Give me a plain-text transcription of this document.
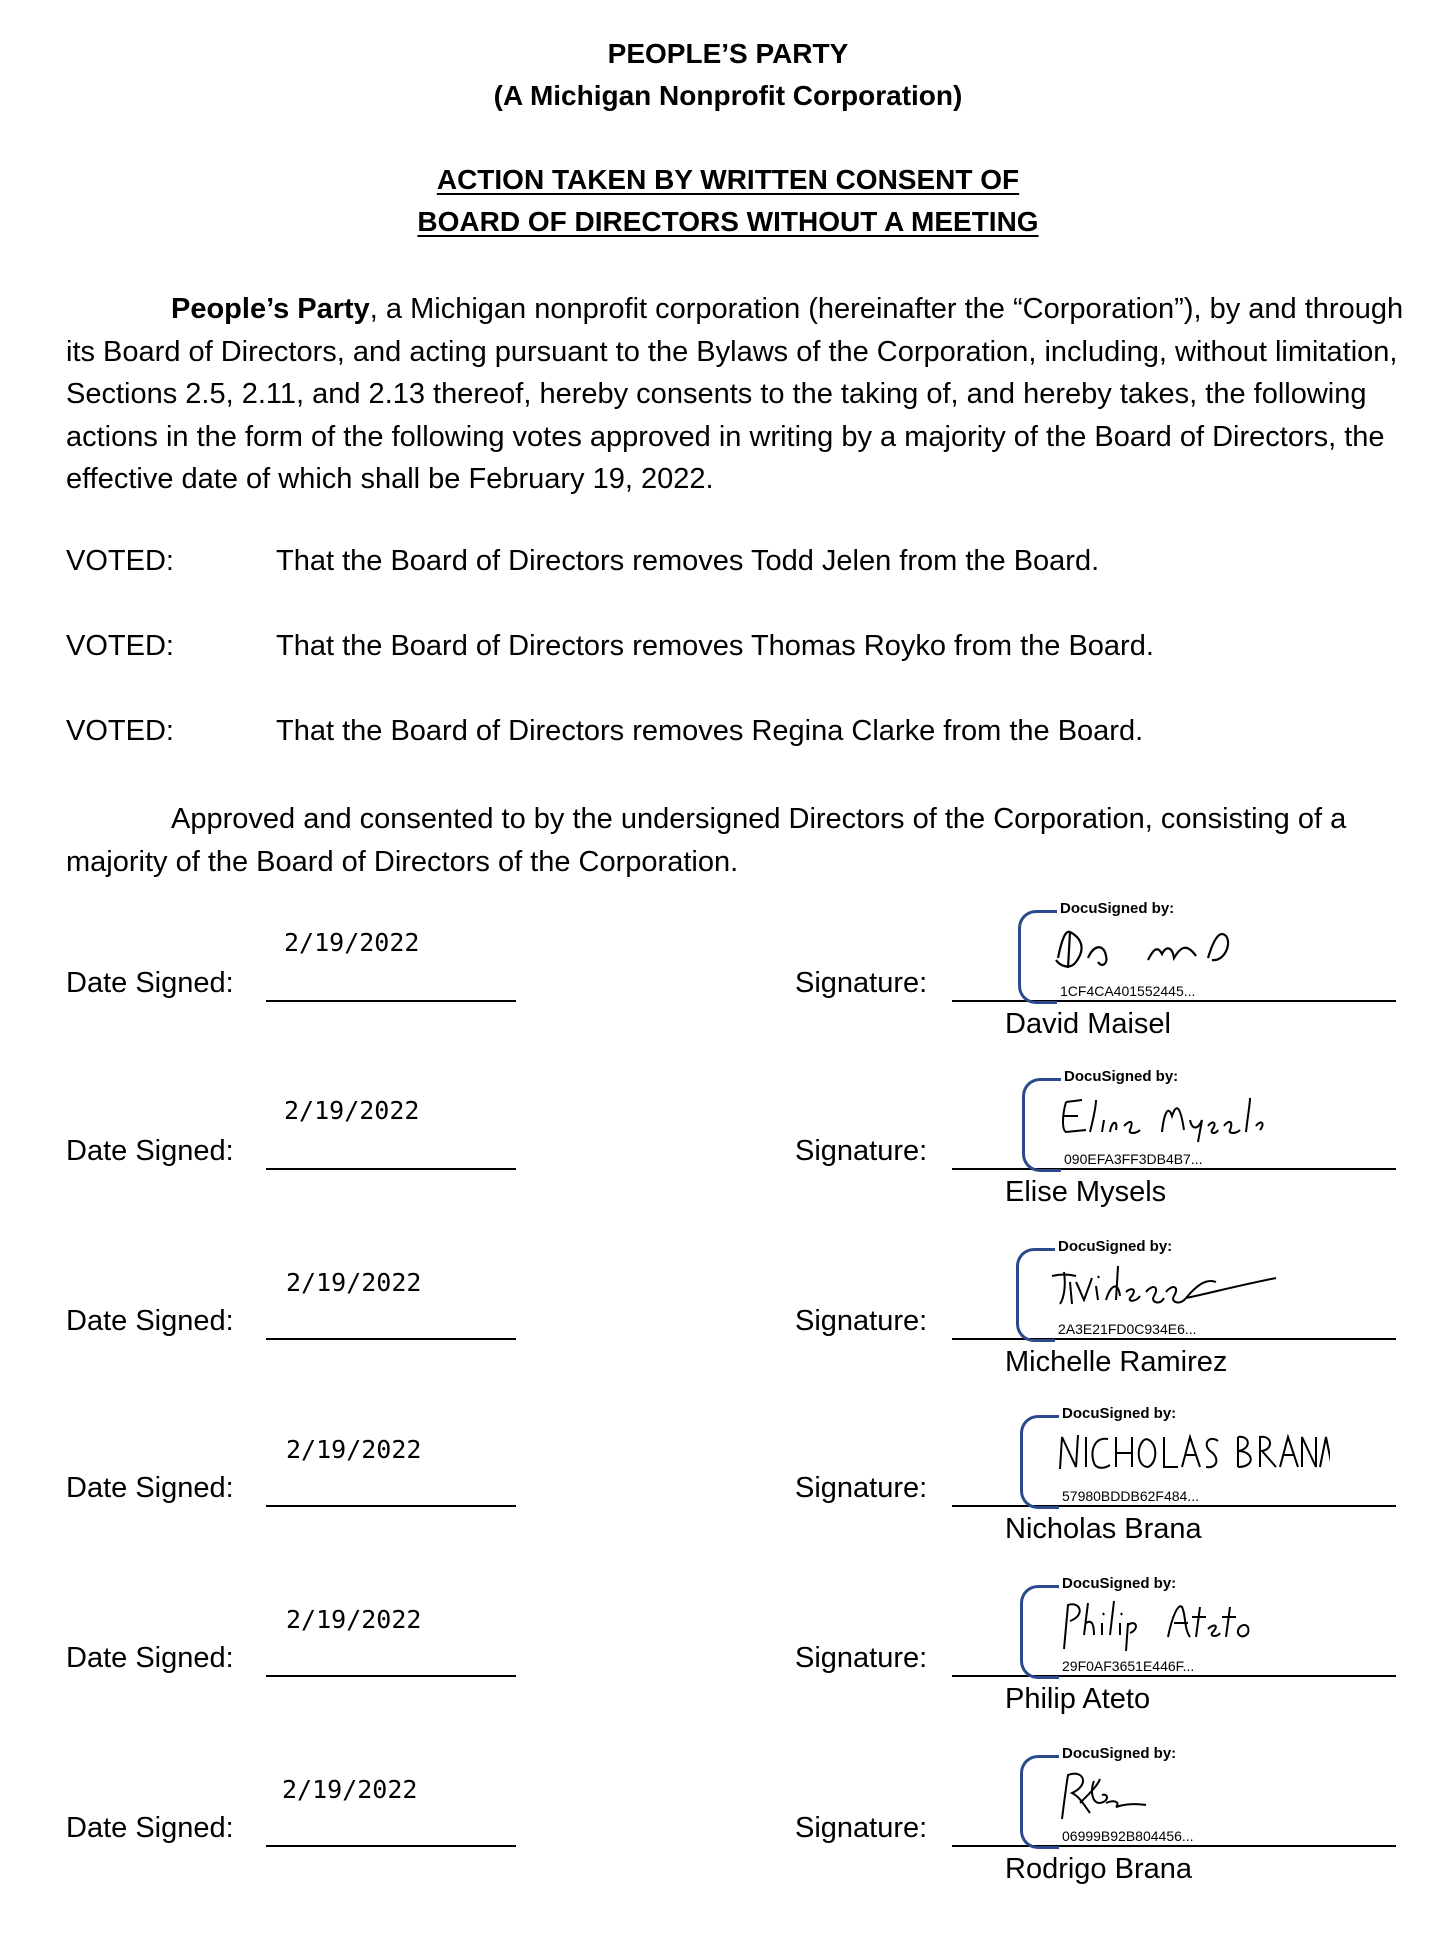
PEOPLE’S PARTY
(A Michigan Nonprofit Corporation)
ACTION TAKEN BY WRITTEN CONSENT OF
BOARD OF DIRECTORS WITHOUT A MEETING

People’s Party, a Michigan nonprofit corporation (hereinafter the “Corporation”), by and through its Board of Directors, and acting pursuant to the Bylaws of the Corporation, including, without limitation, Sections 2.5, 2.11, and 2.13 thereof, hereby consents to the taking of, and hereby takes, the following actions in the form of the following votes approved in writing by a majority of the Board of Directors, the effective date of which shall be February 19, 2022.

VOTED:	That the Board of Directors removes Todd Jelen from the Board.
VOTED:	That the Board of Directors removes Thomas Royko from the Board.
VOTED:	That the Board of Directors removes Regina Clarke from the Board.

Approved and consented to by the undersigned Directors of the Corporation, consisting of a majority of the Board of Directors of the Corporation.

2/19/2022
Date Signed:	Signature:
DocuSigned by:
1CF4CA401552445...
David Maisel
2/19/2022
Date Signed:	Signature:
DocuSigned by:
090EFA3FF3DB4B7...
Elise Mysels
2/19/2022
Date Signed:	Signature:
DocuSigned by:
2A3E21FD0C934E6...
Michelle Ramirez
2/19/2022
Date Signed:	Signature:
DocuSigned by:
57980BDDB62F484...
Nicholas Brana
2/19/2022
Date Signed:	Signature:
DocuSigned by:
29F0AF3651E446F...
Philip Ateto
2/19/2022
Date Signed:	Signature:
DocuSigned by:
06999B92B804456...
Rodrigo Brana
